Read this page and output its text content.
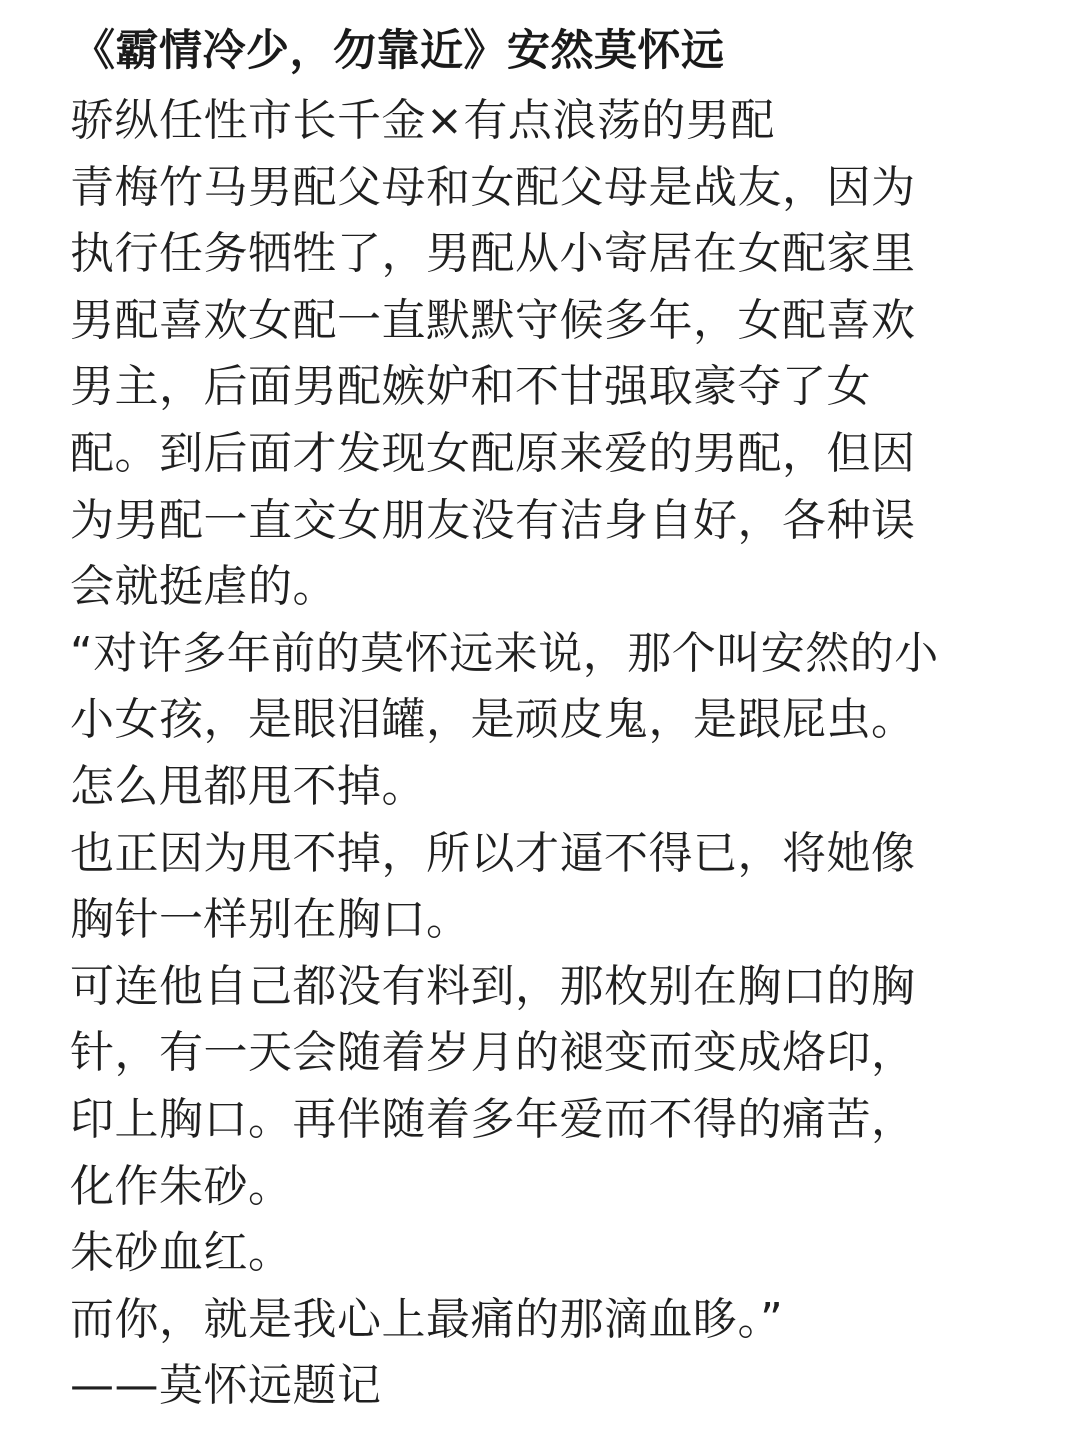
《霸情冷少，勿靠近》安然莫怀远
骄纵任性市长千金×有点浪荡的男配
青梅竹马男配父母和女配父母是战友，因为
执行任务牺牲了，男配从小寄居在女配家里
男配喜欢女配一直默默守候多年，女配喜欢
男主，后面男配嫉妒和不甘强取豪夺了女
配。到后面才发现女配原来爱的男配，但因
为男配一直交女朋友没有洁身自好，各种误
会就挺虐的。
“对许多年前的莫怀远来说，那个叫安然的小
小女孩，是眼泪罐，是顽皮鬼，是跟屁虫。
怎么甩都甩不掉。
也正因为甩不掉，所以才逼不得已，将她像
胸针一样别在胸口。
可连他自己都没有料到，那枚别在胸口的胸
针，有一天会随着岁月的褪变而变成烙印，
印上胸口。再伴随着多年爱而不得的痛苦，
化作朱砂。
朱砂血红。
而你，就是我心上最痛的那滴血眵。”
——莫怀远题记
